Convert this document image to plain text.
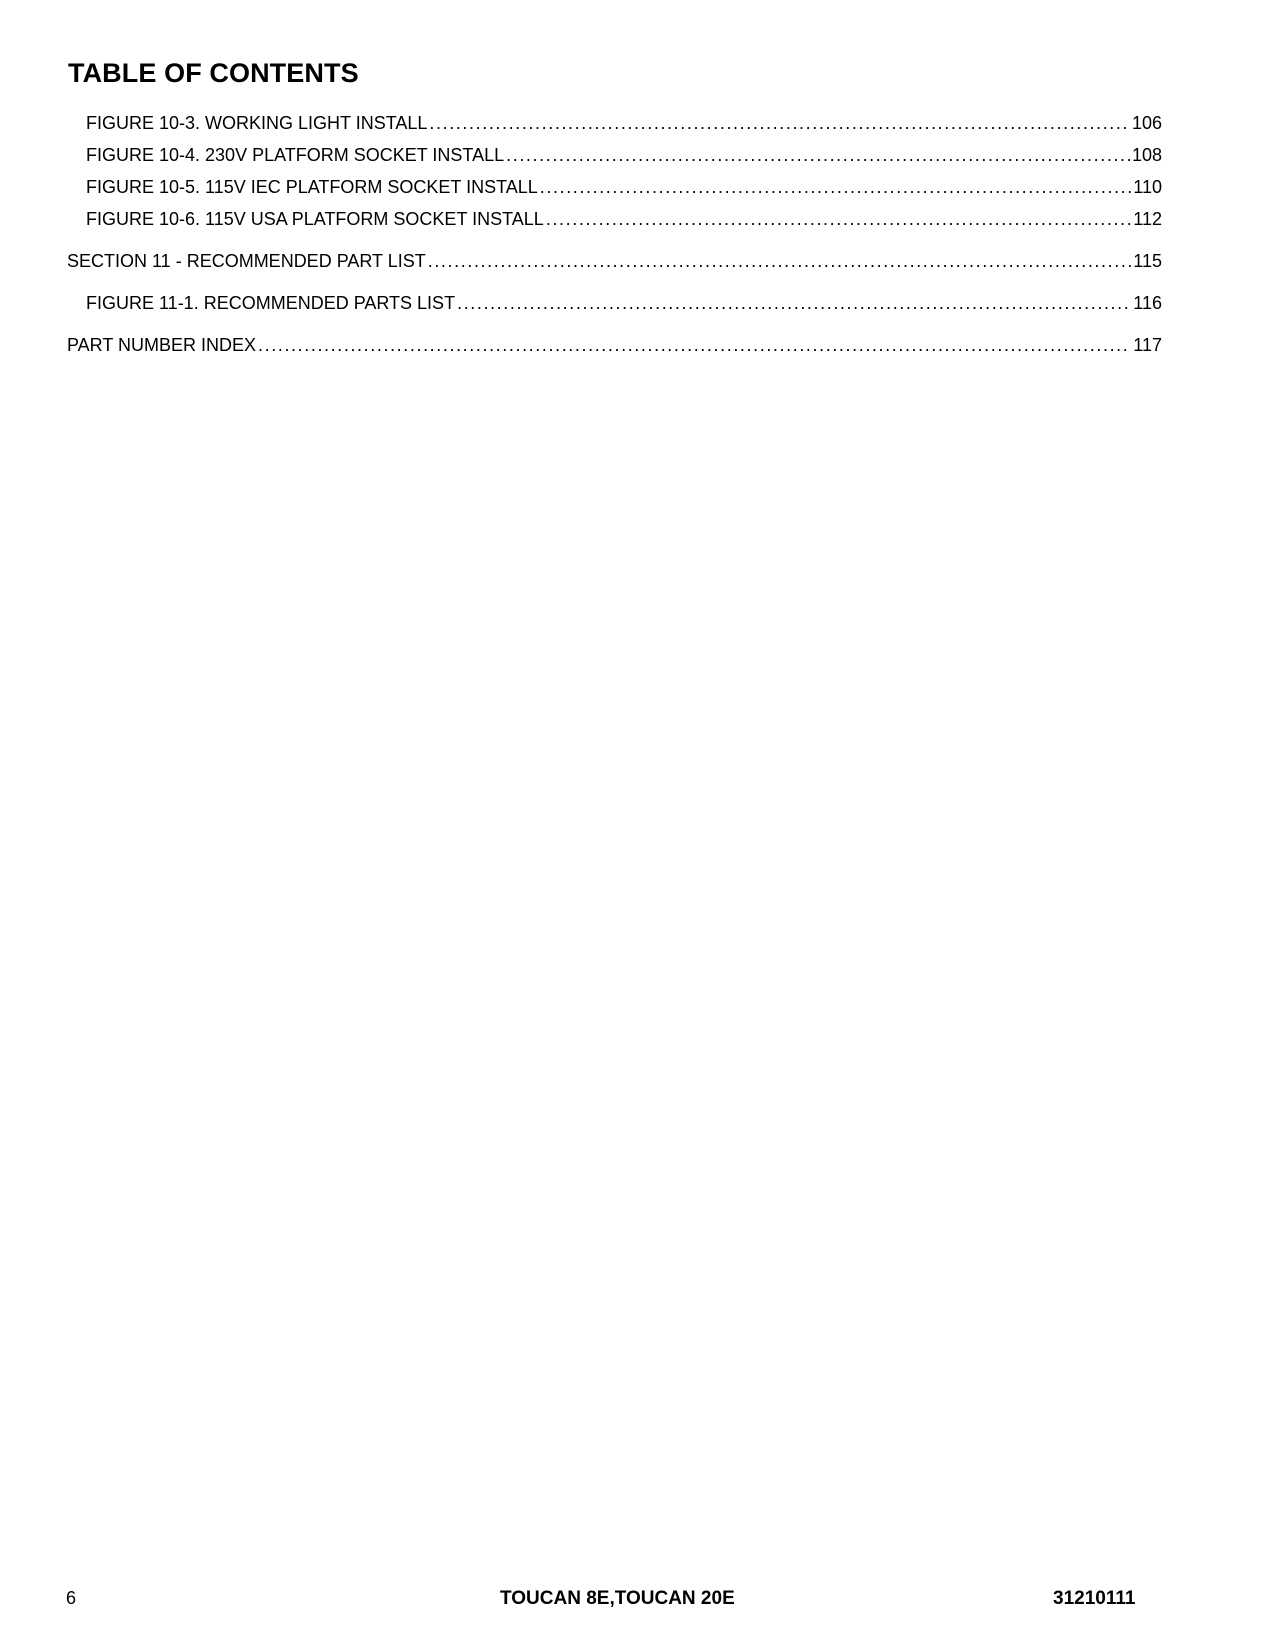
TABLE OF CONTENTS
FIGURE 10-3. WORKING LIGHT INSTALL .....	106
FIGURE 10-4. 230V PLATFORM SOCKET INSTALL .....	108
FIGURE 10-5. 115V IEC PLATFORM SOCKET INSTALL .....	110
FIGURE 10-6. 115V USA PLATFORM SOCKET INSTALL .....	112
SECTION 11 - RECOMMENDED PART LIST .....	115
FIGURE 11-1. RECOMMENDED PARTS LIST .....	116
PART NUMBER INDEX .....	117
6	TOUCAN 8E,TOUCAN 20E	31210111
